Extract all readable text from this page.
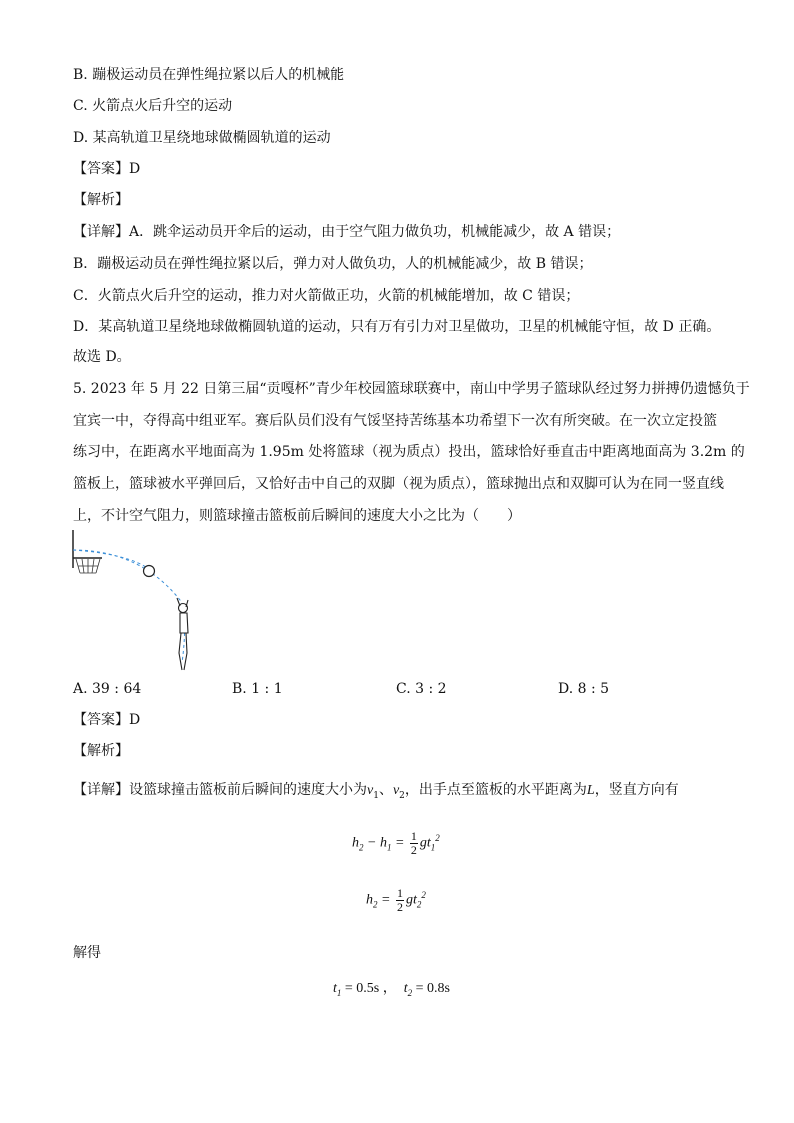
B. 蹦极运动员在弹性绳拉紧以后人的机械能
C. 火箭点火后升空的运动
D. 某高轨道卫星绕地球做椭圆轨道的运动
【答案】D
【解析】
【详解】A．跳伞运动员开伞后的运动，由于空气阻力做负功，机械能减少，故 A 错误；
B．蹦极运动员在弹性绳拉紧以后，弹力对人做负功，人的机械能减少，故 B 错误；
C．火箭点火后升空的运动，推力对火箭做正功，火箭的机械能增加，故 C 错误；
D．某高轨道卫星绕地球做椭圆轨道的运动，只有万有引力对卫星做功，卫星的机械能守恒，故 D 正确。
故选 D。
5. 2023 年 5 月 22 日第三届“贡嘎杯”青少年校园篮球联赛中，南山中学男子篮球队经过努力拼搏仍遗憾负于
宜宾一中，夺得高中组亚军。赛后队员们没有气馁坚持苦练基本功希望下一次有所突破。在一次立定投篮
练习中，在距离水平地面高为 1.95m 处将篮球（视为质点）投出，篮球恰好垂直击中距离地面高为 3.2m 的
篮板上，篮球被水平弹回后，又恰好击中自己的双脚（视为质点），篮球抛出点和双脚可认为在同一竖直线
上，不计空气阻力，则篮球撞击篮板前后瞬间的速度大小之比为（　　）
A. 39 : 64	B. 1 : 1	C. 3 : 2	D. 8 : 5
【答案】D
【解析】
【详解】设篮球撞击篮板前后瞬间的速度大小为$v_1$、$v_2$，出手点至篮板的水平距离为L，竖直方向有
$h_2 - h_1 = \frac{1}{2} gt_1^2$
$h_2 = \frac{1}{2} gt_2^2$
解得
$t_1 = 0.5s$ ，  $t_2 = 0.8s$
